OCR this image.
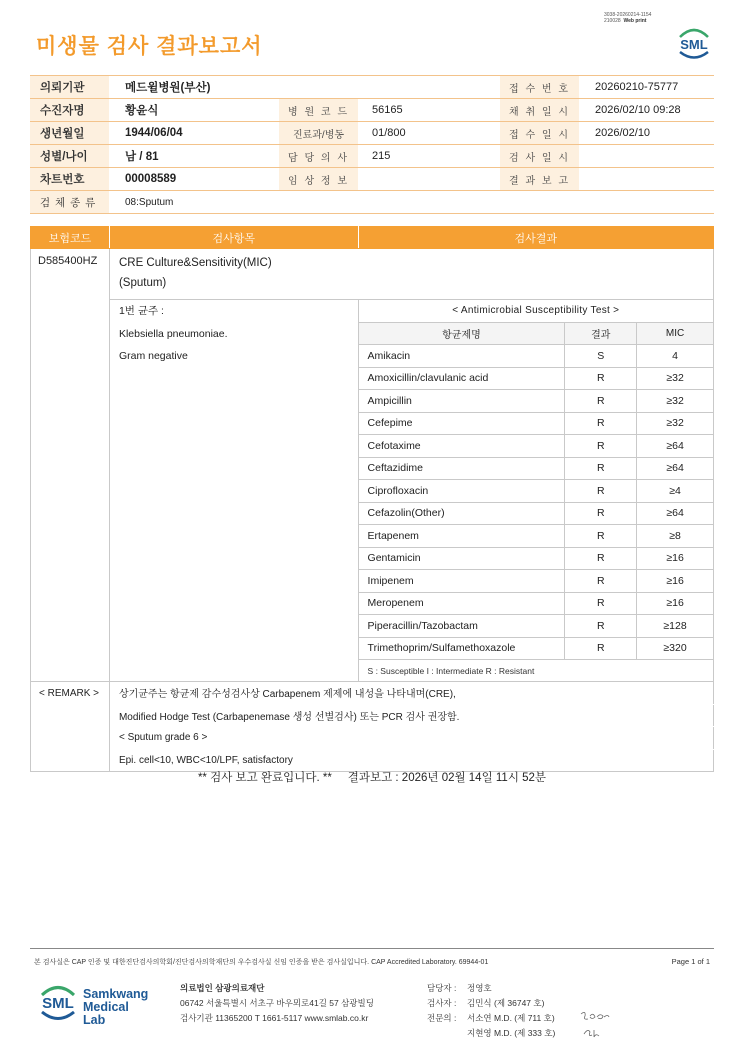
3038-20260214-1154
210028 Web print
미생물 검사 결과보고서	SML
의뢰기관	메드윌병원(부산)			접 수 번 호	20260210-75777
수진자명	황윤식	병 원 코 드	56165	채 취 일 시	2026/02/10 09:28
생년월일	1944/06/04	진료과/병동	01/800	접 수 일 시	2026/02/10
성별/나이	남 / 81	담 당 의 사	215	검 사 일 시	
차트번호	00008589	임 상 정 보		결 과 보 고	
검 체 종 류	08:Sputum				
보험코드	검사항목	검사결과		
D585400HZ	CRE Culture&Sensitivity(MIC)
(Sputum)			

	1번 균주 :
Klebsiella pneumoniae.
Gram negative	< Antimicrobial Susceptibility Test >		
		항균제명	결과	MIC
		Amikacin	S	4
		Amoxicillin/clavulanic acid	R	≥32
		Ampicillin	R	≥32
		Cefepime	R	≥32
		Cefotaxime	R	≥64
		Ceftazidime	R	≥64
		Ciprofloxacin	R	≥4
		Cefazolin(Other)	R	≥64
		Ertapenem	R	≥8
		Gentamicin	R	≥16
		Imipenem	R	≥16
		Meropenem	R	≥16
		Piperacillin/Tazobactam	R	≥128
		Trimethoprim/Sulfamethoxazole	R	≥320
		S : Susceptible I : Intermediate R : Resistant		
< REMARK >	상기균주는 항균제 감수성검사상 Carbapenem 제제에 내성을 나타내며(CRE),			
	Modified Hodge Test (Carbapenemase 생성 선별검사) 또는 PCR 검사 권장함.			
	< Sputum grade 6 >			
	Epi. cell<10, WBC<10/LPF, satisfactory			
** 검사 보고 완료입니다. **     결과보고 : 2026년 02월 14일 11시 52분
본 검사실은 CAP 인증 및 대한진단검사의학회/진단검사의학재단의 우수검사실 신임 인증을 받은 검사실입니다. CAP Accredited Laboratory. 69944-01	Page 1 of 1
SML
Samkwang
Medical Lab
의료법인 삼광의료재단
06742 서울특별시 서초구 바우뫼로41길 57 삼광빌딩
검사기관 11365200 T 1661-5117 www.smlab.co.kr
담당자 :	정영호
검사자 :	김민식 (제 36747 호)
전문의 :	서소연 M.D. (제 711 호)
지현영 M.D. (제 333 호)
